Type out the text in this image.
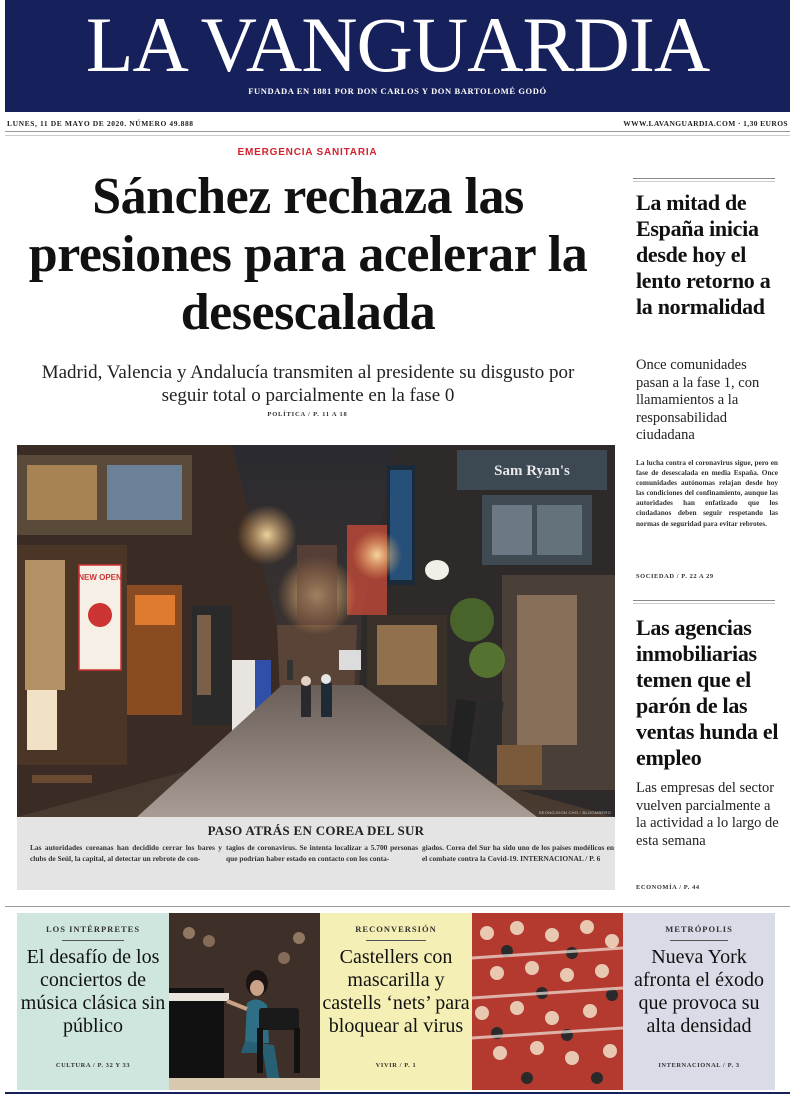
LA VANGUARDIA
FUNDADA EN 1881 POR DON CARLOS Y DON BARTOLOMÉ GODÓ
LUNES, 11 DE MAYO DE 2020. NÚMERO 49.888	WWW.LAVANGUARDIA.COM · 1,30 EUROS
EMERGENCIA SANITARIA
Sánchez rechaza las presiones para acelerar la desescalada
Madrid, Valencia y Andalucía transmiten al presidente su disgusto por seguir total o parcialmente en la fase 0
POLÍTICA / P. 11 A 18
NEW OPEN
Sam Ryan's
SEONGJOON CHO / BLOOMBERG
PASO ATRÁS EN COREA DEL SUR
Las autoridades coreanas han decidido cerrar los bares y clubs de Seúl, la capital, al detectar un rebrote de con-
tagios de coronavirus. Se intenta localizar a 5.700 personas que podrían haber estado en contacto con los conta-
giados. Corea del Sur ha sido uno de los países modélicos en el combate contra la Covid-19. INTERNACIONAL / P. 6
La mitad de España inicia desde hoy el lento retorno a la normalidad
Once comunidades pasan a la fase 1, con llamamientos a la responsabilidad ciudadana
La lucha contra el coronavirus sigue, pero en fase de desescalada en media España. Once comunidades autónomas relajan desde hoy las condiciones del confinamiento, aunque las autoridades han enfatizado que los ciudadanos deben seguir respetando las normas de seguridad para evitar rebrotes.
SOCIEDAD / P. 22 A 29
Las agencias inmobiliarias temen que el parón de las ventas hunda el empleo
Las empresas del sector vuelven parcialmente a la actividad a lo largo de esta semana
ECONOMÍA / P. 44
LOS INTÉRPRETES
El desafío de los conciertos de música clásica sin público
CULTURA / P. 32 Y 33
RECONVERSIÓN
Castellers con mascarilla y castells ‘nets’ para bloquear al virus
VIVIR / P. 1
METRÓPOLIS
Nueva York afronta el éxodo que provoca su alta densidad
INTERNACIONAL / P. 3
